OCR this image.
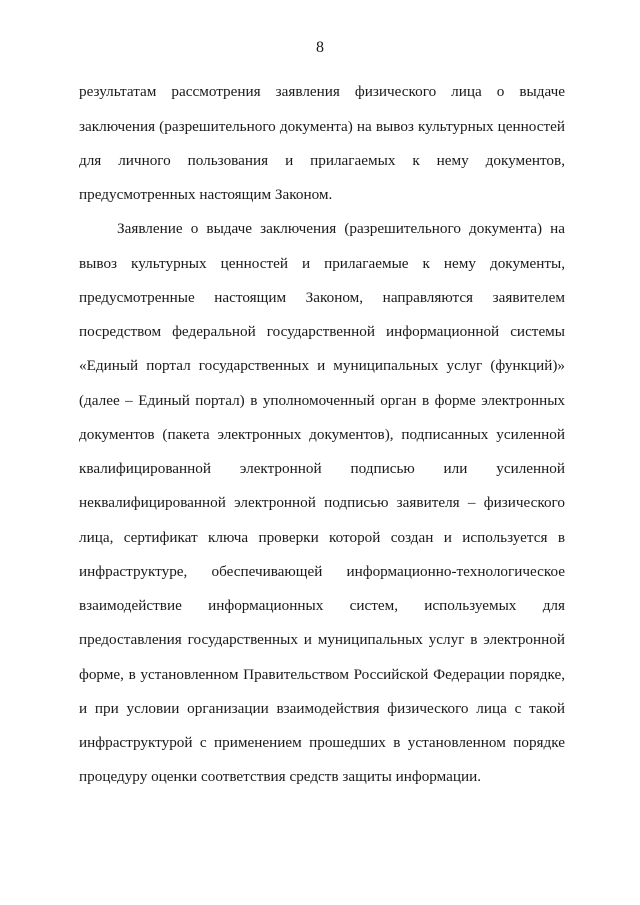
8
результатам рассмотрения заявления физического лица о выдаче
заключения (разрешительного документа) на вывоз культурных ценностей
для личного пользования и прилагаемых к нему документов,
предусмотренных настоящим Законом.
Заявление о выдаче заключения (разрешительного документа) на
вывоз культурных ценностей и прилагаемые к нему документы,
предусмотренные настоящим Законом, направляются заявителем
посредством федеральной государственной информационной системы
«Единый портал государственных и муниципальных услуг (функций)»
(далее – Единый портал) в уполномоченный орган в форме электронных
документов (пакета электронных документов), подписанных усиленной
квалифицированной электронной подписью или усиленной
неквалифицированной электронной подписью заявителя – физического
лица, сертификат ключа проверки которой создан и используется в
инфраструктуре, обеспечивающей информационно-технологическое
взаимодействие информационных систем, используемых для
предоставления государственных и муниципальных услуг в электронной
форме, в установленном Правительством Российской Федерации порядке,
и при условии организации взаимодействия физического лица с такой
инфраструктурой с применением прошедших в установленном порядке
процедуру оценки соответствия средств защиты информации.
